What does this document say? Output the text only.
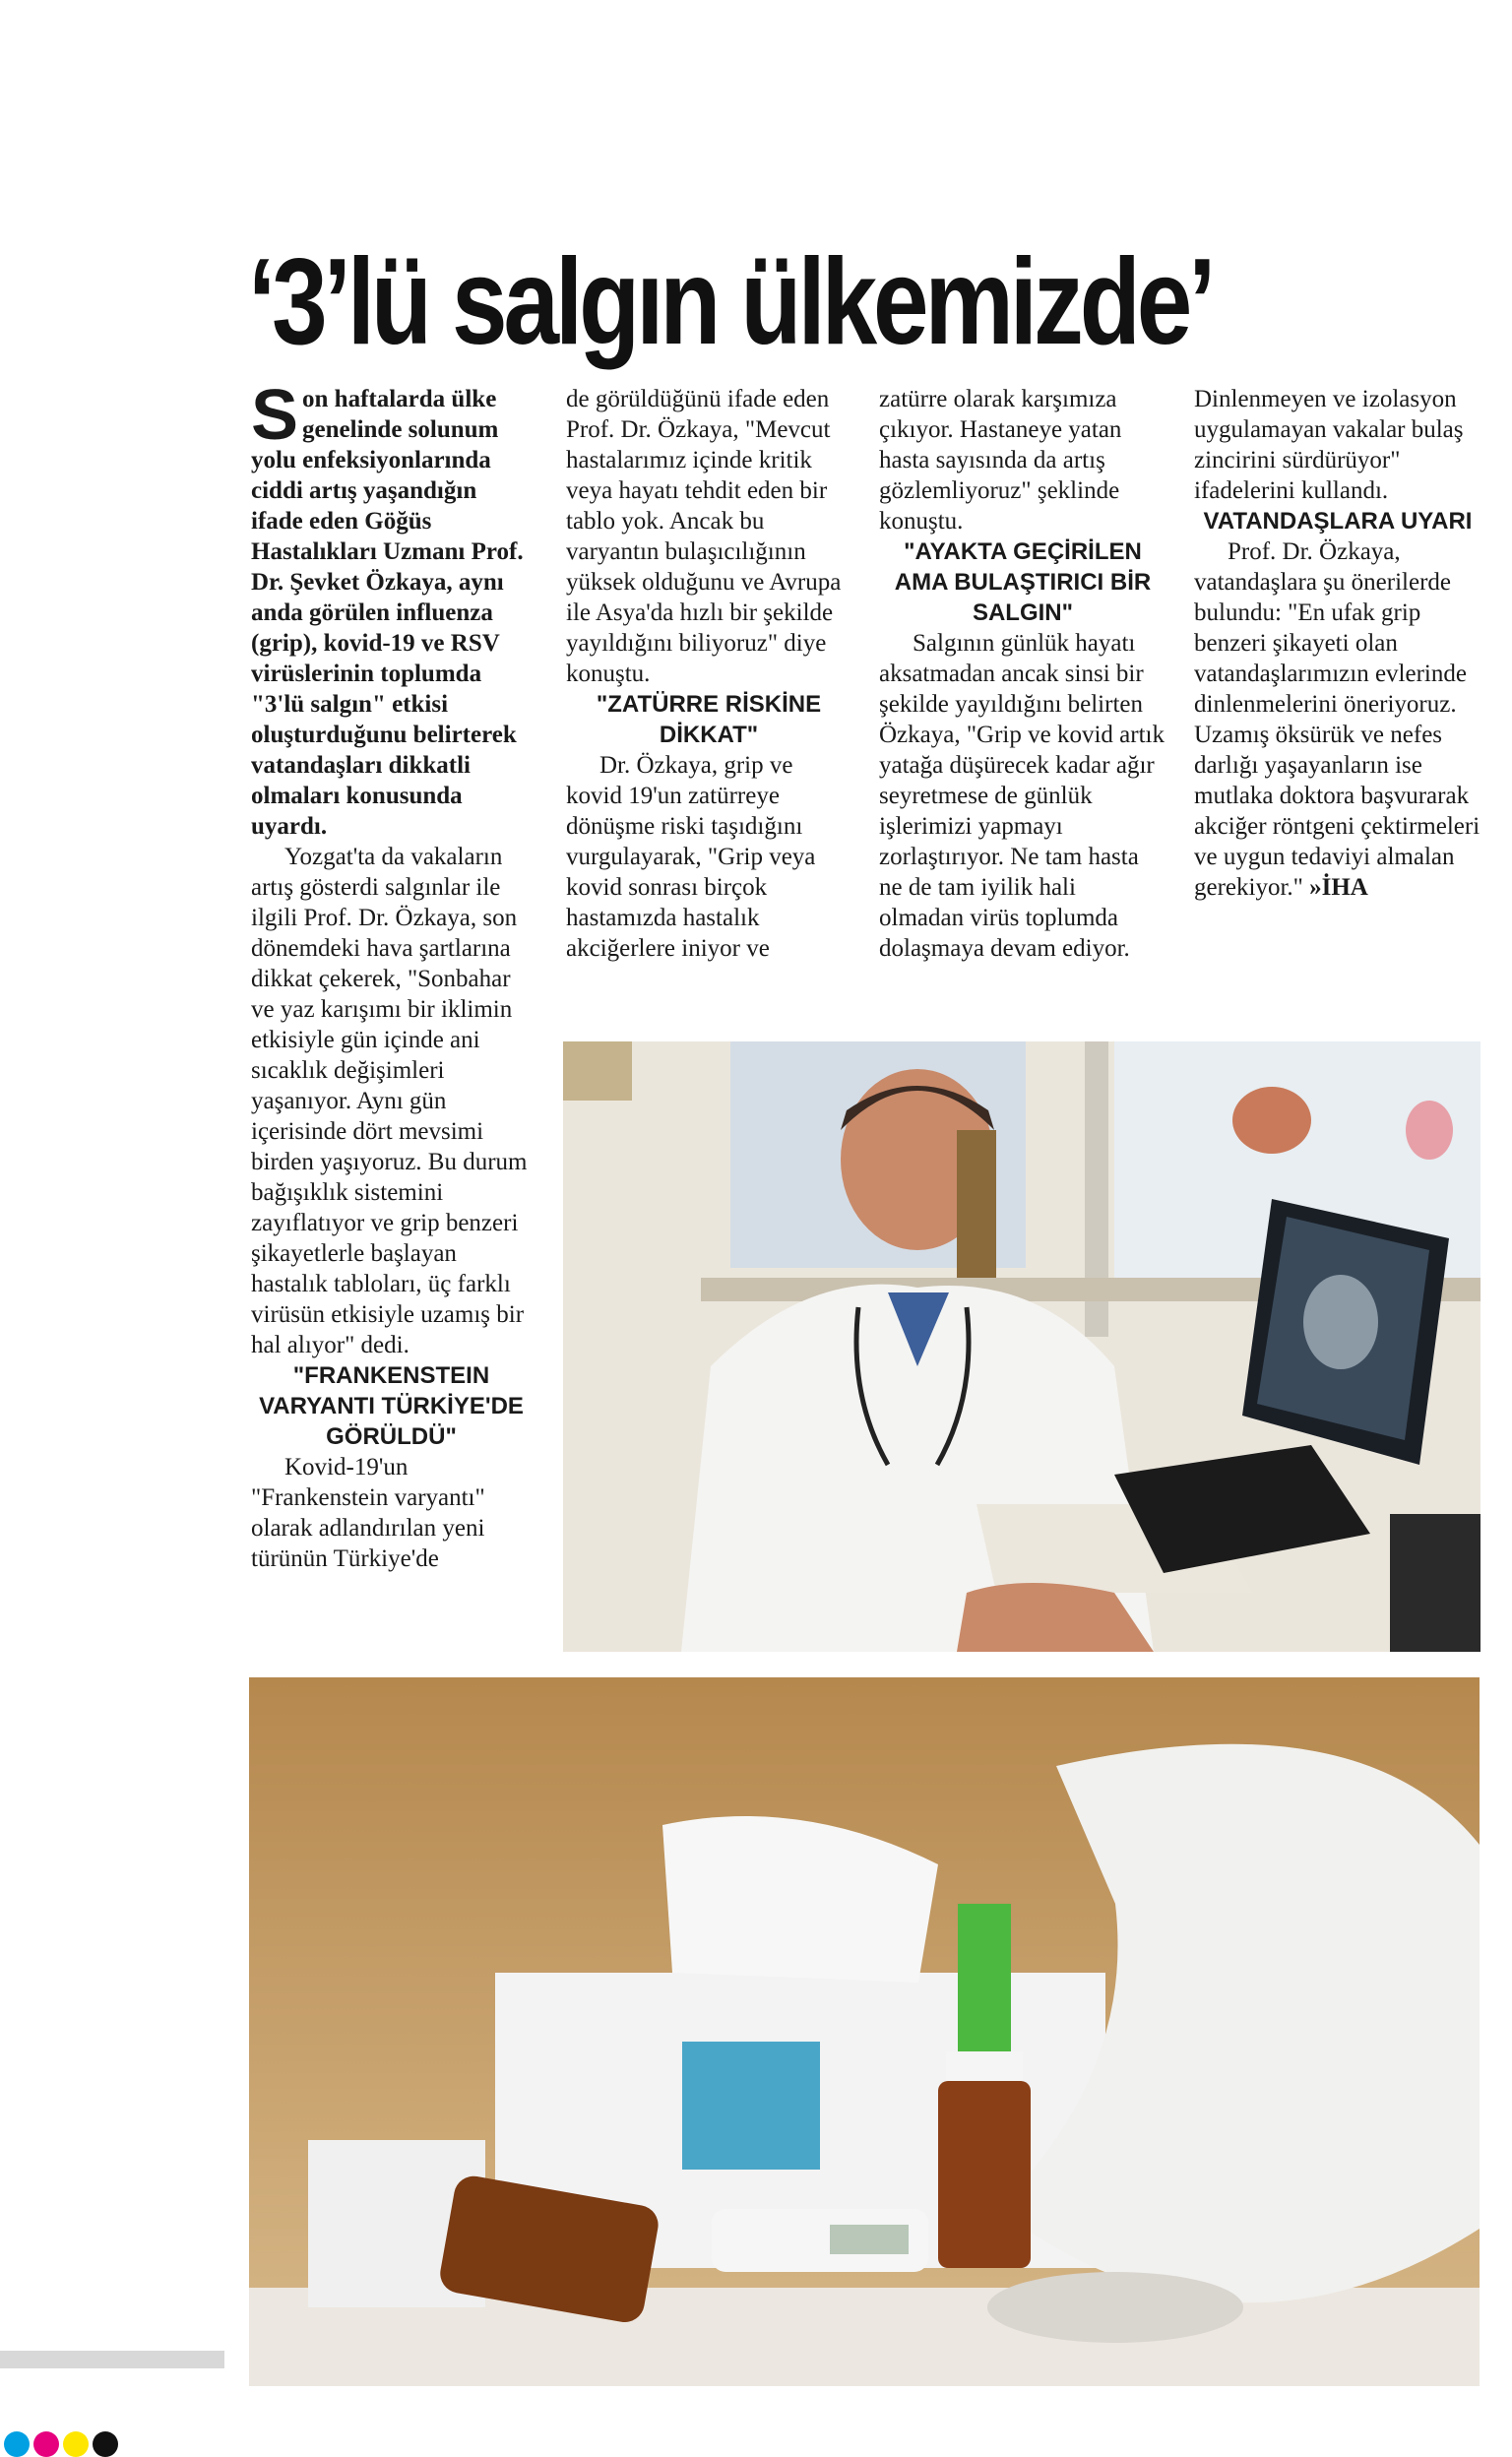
‘3’lü salgın ülkemizde’

Son haftalarda ülke genelinde solunum yolu enfeksiyonlarında ciddi artış yaşandığın ifade eden Göğüs Hastalıkları Uzmanı Prof. Dr. Şevket Özkaya, aynı anda görülen influenza (grip), kovid-19 ve RSV virüslerinin toplumda "3'lü salgın" etkisi oluşturduğunu belirterek vatandaşları dikkatli olmaları konusunda uyardı.

Yozgat'ta da vakaların artış gösterdi salgınlar ile ilgili Prof. Dr. Özkaya, son dönemdeki hava şartlarına dikkat çekerek, "Sonbahar ve yaz karışımı bir iklimin etkisiyle gün içinde ani sıcaklık değişimleri yaşanıyor. Aynı gün içerisinde dört mevsimi birden yaşıyoruz. Bu durum bağışıklık sistemini zayıflatıyor ve grip benzeri şikayetlerle başlayan hastalık tabloları, üç farklı virüsün etkisiyle uzamış bir hal alıyor" dedi.

"FRANKENSTEIN VARYANTI TÜRKİYE'DE GÖRÜLDÜ"

Kovid-19'un "Frankenstein varyantı" olarak adlandırılan yeni türünün Türkiye'de

de görüldüğünü ifade eden Prof. Dr. Özkaya, "Mevcut hastalarımız içinde kritik veya hayatı tehdit eden bir tablo yok. Ancak bu varyantın bulaşıcılığının yüksek olduğunu ve Avrupa ile Asya'da hızlı bir şekilde yayıldığını biliyoruz" diye konuştu.

"ZATÜRRE RİSKİNE DİKKAT"

Dr. Özkaya, grip ve kovid 19'un zatürreye dönüşme riski taşıdığını vurgulayarak, "Grip veya kovid sonrası birçok hastamızda hastalık akciğerlere iniyor ve

zatürre olarak karşımıza çıkıyor. Hastaneye yatan hasta sayısında da artış gözlemliyoruz" şeklinde konuştu.

"AYAKTA GEÇİRİLEN AMA BULAŞTIRICI BİR SALGIN"

Salgının günlük hayatı aksatmadan ancak sinsi bir şekilde yayıldığını belirten Özkaya, "Grip ve kovid artık yatağa düşürecek kadar ağır seyretmese de günlük işlerimizi yapmayı zorlaştırıyor. Ne tam hasta ne de tam iyilik hali olmadan virüs toplumda dolaşmaya devam ediyor.

Dinlenmeyen ve izolasyon uygulamayan vakalar bulaş zincirini sürdürüyor" ifadelerini kullandı.

VATANDAŞLARA UYARI

Prof. Dr. Özkaya, vatandaşlara şu önerilerde bulundu: "En ufak grip benzeri şikayeti olan vatandaşlarımızın evlerinde dinlenmelerini öneriyoruz. Uzamış öksürük ve nefes darlığı yaşayanların ise mutlaka doktora başvurarak akciğer röntgeni çektirmeleri ve uygun tedaviyi almalan gerekiyor." »İHA
